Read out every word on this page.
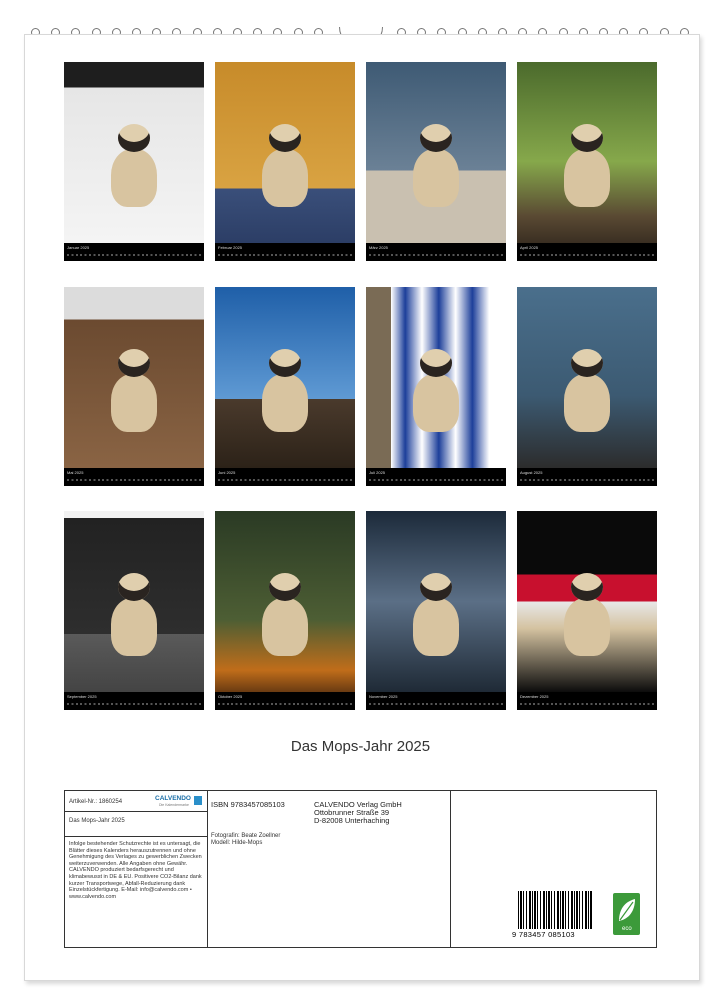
Januar 2025	Februar 2025	März 2025	April 2025
Mai 2025	Juni 2025	Juli 2025	August 2025
September 2025	Oktober 2025	November 2025	Dezember 2025
Das Mops-Jahr 2025
Artikel-Nr.: 1860254	CALVENDO
Die Kalendermarke
Das Mops-Jahr 2025
Infolge bestehender Schutzrechte ist es untersagt, die Blätter dieses Kalenders herauszutrennen und ohne Genehmigung des Verlages zu gewerblichen Zwecken weiterzuverwenden. Alle Angaben ohne Gewähr. CALVENDO produziert bedarfsgerecht und klimabewusst in DE & EU. Positivere CO2-Bilanz dank kurzer Transportwege, Abfall-Reduzierung dank Einzelstückfertigung. E-Mail: info@calvendo.com • www.calvendo.com
ISBN 9783457085103	CALVENDO Verlag GmbH
Ottobrunner Straße 39
D-82008 Unterhaching
Fotografin: Beate Zoellner
Modell: Hilde-Mops
9 783457 085103
eco
